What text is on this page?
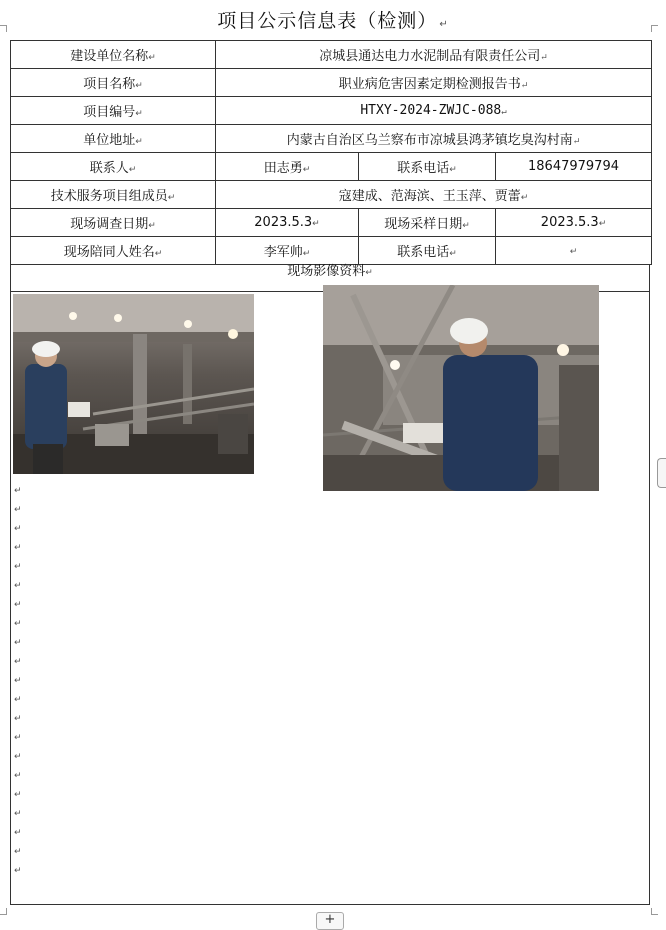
项目公示信息表（检测） ↵
建设单位名称↵	凉城县通达电力水泥制品有限责任公司↵		
项目名称↵	职业病危害因素定期检测报告书↵		
项目编号↵	HTXY-2024-ZWJC-088↵		
单位地址↵	内蒙古自治区乌兰察布市凉城县鸿茅镇圪臭沟村南↵		
联系人↵	田志勇↵	联系电话↵	18647979794
技术服务项目组成员↵	寇建成、范海滨、王玉萍、贾蕾↵		
现场调查日期↵	2023.5.3↵	现场采样日期↵	2023.5.3↵
现场陪同人姓名↵	李军帅↵	联系电话↵	↵
现场影像资料↵
↵
↵
↵
↵
↵
↵
↵
↵
↵
↵
↵
↵
↵
↵
↵
↵
↵
↵
↵
↵
↵
+
